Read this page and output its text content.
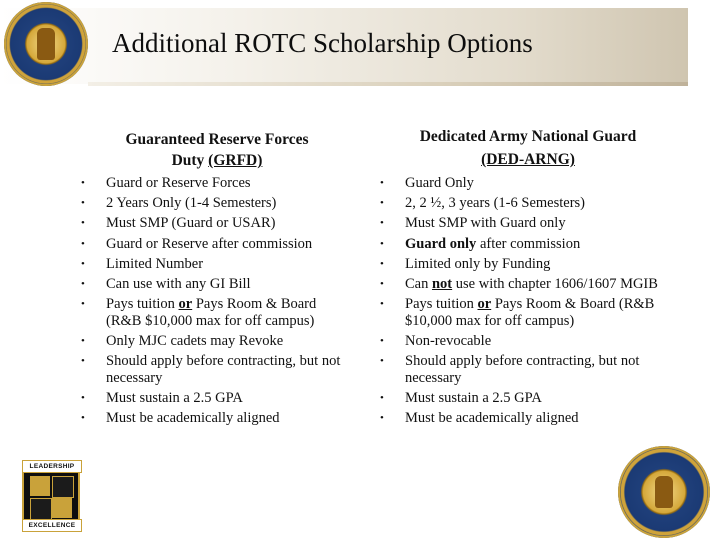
Additional ROTC Scholarship Options
Guaranteed Reserve Forces
Duty (GRFD)
• Guard or Reserve Forces
• 2 Years Only (1-4 Semesters)
• Must SMP (Guard or USAR)
• Guard or Reserve after commission
• Limited Number
• Can use with any GI Bill
• Pays tuition or Pays Room & Board (R&B $10,000 max for off campus)
• Only MJC cadets may Revoke
• Should apply before contracting, but not necessary
• Must sustain a 2.5 GPA
• Must be academically aligned
Dedicated Army National Guard
(DED-ARNG)
• Guard Only
• 2, 2 ½, 3 years (1-6 Semesters)
• Must SMP with Guard only
• Guard only after commission
• Limited only by Funding
• Can not use with chapter 1606/1607 MGIB
• Pays tuition or Pays Room & Board (R&B $10,000 max for off campus)
• Non-revocable
• Should apply before contracting, but not necessary
• Must sustain a 2.5 GPA
• Must be academically aligned
LEADERSHIP
EXCELLENCE
